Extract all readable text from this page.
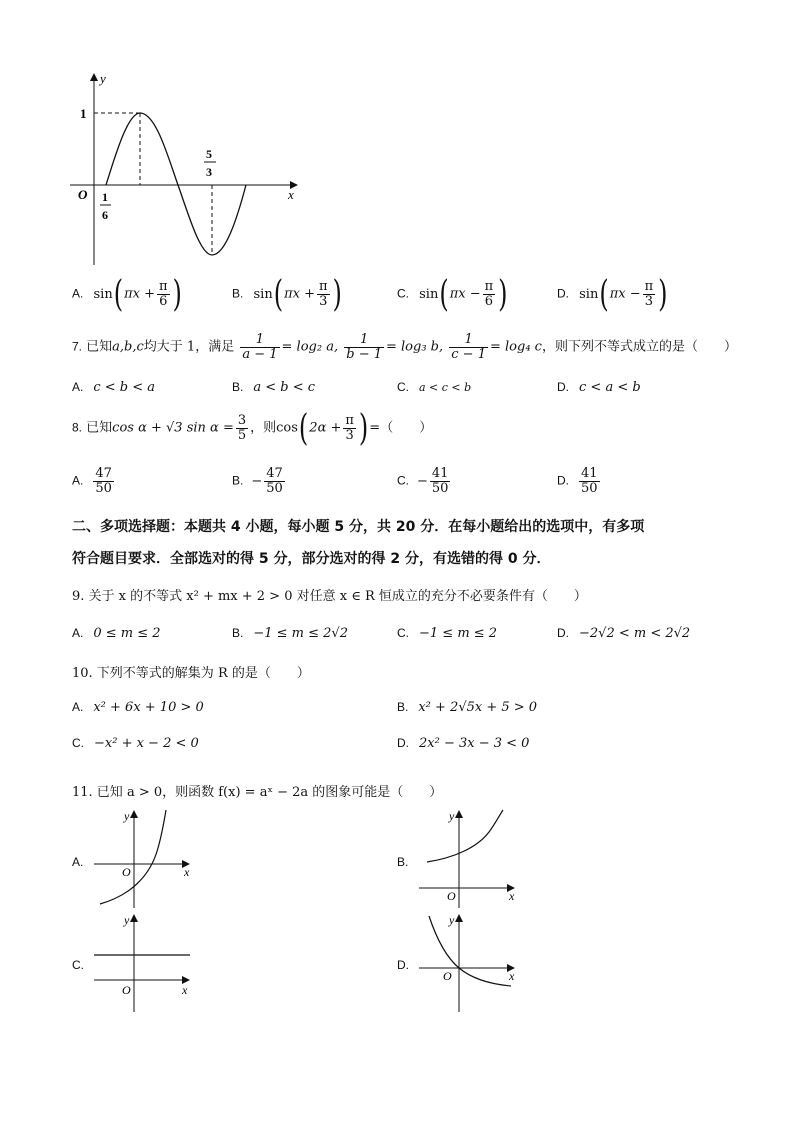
y
x
O
1
1
6
5
3
A. $\sin(\pi x + \frac{\pi}{6}$ )	B. $\sin(\pi x + \frac{\pi}{3}$ )	C. $\sin(\pi x - \frac{\pi}{6}$ )	D. $\sin(\pi x - \frac{\pi}{3}$ )
7. 已知a,b,c均大于 1，满足 $\frac{1}{a - 1} = \log_2$ a, $\frac{1}{b - 1} = \log_3$ b, $\frac{1}{c - 1} = \log_4$ c，则下列不等式成立的是（　　）
A. c < b < a	B. a < b < c	C. a < c < b	D. c < a < b
8. 已知cos α + √3 $\sin \alpha = \frac{3}{5}$ ，则$\cos(2\alpha + \frac{\pi}{3}$ )=（　　）
A. $\frac{47}{50}$	B. − $\frac{47}{50}$	C. − $\frac{41}{50}$	D. $\frac{41}{50}$
二、多项选择题：本题共 4 小题，每小题 5 分，共 20 分．在每小题给出的选项中，有多项
符合题目要求．全部选对的得 5 分，部分选对的得 2 分，有选错的得 0 分．
9. 关于 x 的不等式 x² + mx + 2 > 0 对任意 x ∈ R 恒成立的充分不必要条件有（　　）
A. 0 ≤ m ≤ 2	B. −1 ≤ m ≤ 2√2	C. −1 ≤ m ≤ 2	D. −2√2 < m < 2√2
10. 下列不等式的解集为 R 的是（　　）
A. x² + 6x + 10 > 0	B. x² + 2√5x + 5 > 0
C. −x² + x − 2 < 0	D. 2x² − 3x − 3 < 0
11. 已知 a > 0，则函数 f(x) = aˣ − 2a 的图象可能是（　　）
A.
y
x
O
B.
y
x
O
C.
y
x
O
D.
y
x
O
